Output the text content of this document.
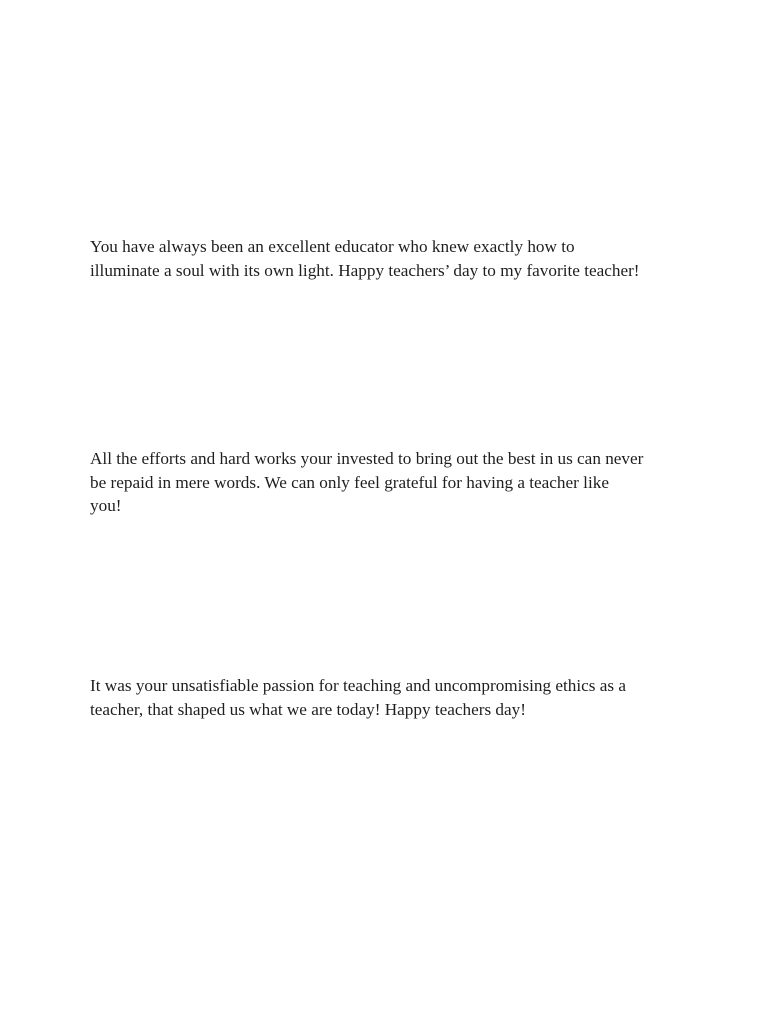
You have always been an excellent educator who knew exactly how to
illuminate a soul with its own light. Happy teachers’ day to my favorite teacher!

All the efforts and hard works your invested to bring out the best in us can never
be repaid in mere words. We can only feel grateful for having a teacher like
you!

It was your unsatisfiable passion for teaching and uncompromising ethics as a
teacher, that shaped us what we are today! Happy teachers day!
